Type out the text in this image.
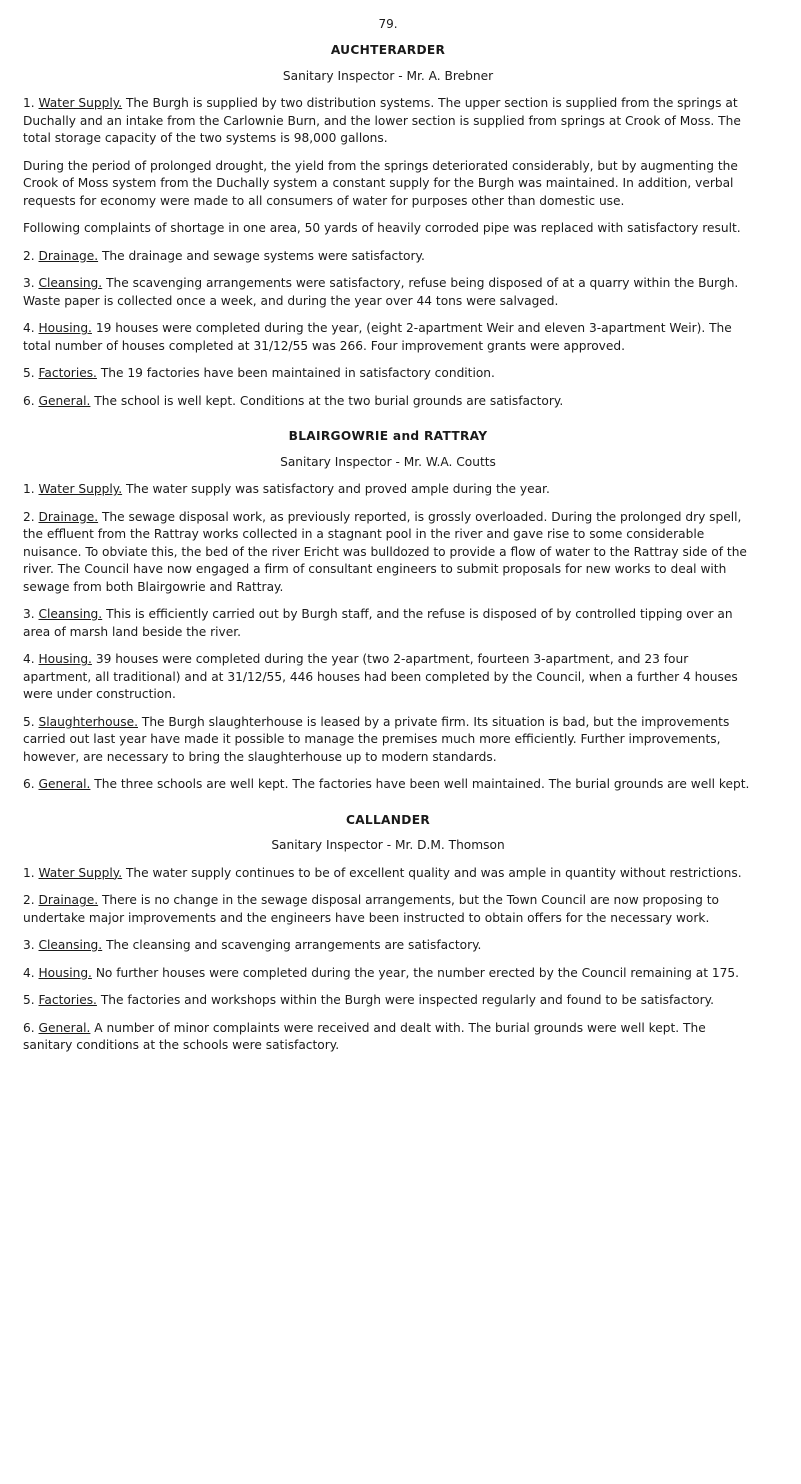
79.
AUCHTERARDER
Sanitary Inspector - Mr. A. Brebner

1. Water Supply. The Burgh is supplied by two distribution systems. The upper section is supplied from the springs at Duchally and an intake from the Carlownie Burn, and the lower section is supplied from springs at Crook of Moss. The total storage capacity of the two systems is 98,000 gallons.

During the period of prolonged drought, the yield from the springs deteriorated considerably, but by augmenting the Crook of Moss system from the Duchally system a constant supply for the Burgh was maintained. In addition, verbal requests for economy were made to all consumers of water for purposes other than domestic use.

Following complaints of shortage in one area, 50 yards of heavily corroded pipe was replaced with satisfactory result.

2. Drainage. The drainage and sewage systems were satisfactory.

3. Cleansing. The scavenging arrangements were satisfactory, refuse being disposed of at a quarry within the Burgh. Waste paper is collected once a week, and during the year over 44 tons were salvaged.

4. Housing. 19 houses were completed during the year, (eight 2-apartment Weir and eleven 3-apartment Weir). The total number of houses completed at 31/12/55 was 266. Four improvement grants were approved.

5. Factories. The 19 factories have been maintained in satisfactory condition.

6. General. The school is well kept. Conditions at the two burial grounds are satisfactory.

BLAIRGOWRIE and RATTRAY
Sanitary Inspector - Mr. W.A. Coutts

1. Water Supply. The water supply was satisfactory and proved ample during the year.

2. Drainage. The sewage disposal work, as previously reported, is grossly overloaded. During the prolonged dry spell, the effluent from the Rattray works collected in a stagnant pool in the river and gave rise to some considerable nuisance. To obviate this, the bed of the river Ericht was bulldozed to provide a flow of water to the Rattray side of the river. The Council have now engaged a firm of consultant engineers to submit proposals for new works to deal with sewage from both Blairgowrie and Rattray.

3. Cleansing. This is efficiently carried out by Burgh staff, and the refuse is disposed of by controlled tipping over an area of marsh land beside the river.

4. Housing. 39 houses were completed during the year (two 2-apartment, fourteen 3-apartment, and 23 four apartment, all traditional) and at 31/12/55, 446 houses had been completed by the Council, when a further 4 houses were under construction.

5. Slaughterhouse. The Burgh slaughterhouse is leased by a private firm. Its situation is bad, but the improvements carried out last year have made it possible to manage the premises much more efficiently. Further improvements, however, are necessary to bring the slaughterhouse up to modern standards.

6. General. The three schools are well kept. The factories have been well maintained. The burial grounds are well kept.

CALLANDER
Sanitary Inspector - Mr. D.M. Thomson

1. Water Supply. The water supply continues to be of excellent quality and was ample in quantity without restrictions.

2. Drainage. There is no change in the sewage disposal arrangements, but the Town Council are now proposing to undertake major improvements and the engineers have been instructed to obtain offers for the necessary work.

3. Cleansing. The cleansing and scavenging arrangements are satisfactory.

4. Housing. No further houses were completed during the year, the number erected by the Council remaining at 175.

5. Factories. The factories and workshops within the Burgh were inspected regularly and found to be satisfactory.

6. General. A number of minor complaints were received and dealt with. The burial grounds were well kept. The sanitary conditions at the schools were satisfactory.
